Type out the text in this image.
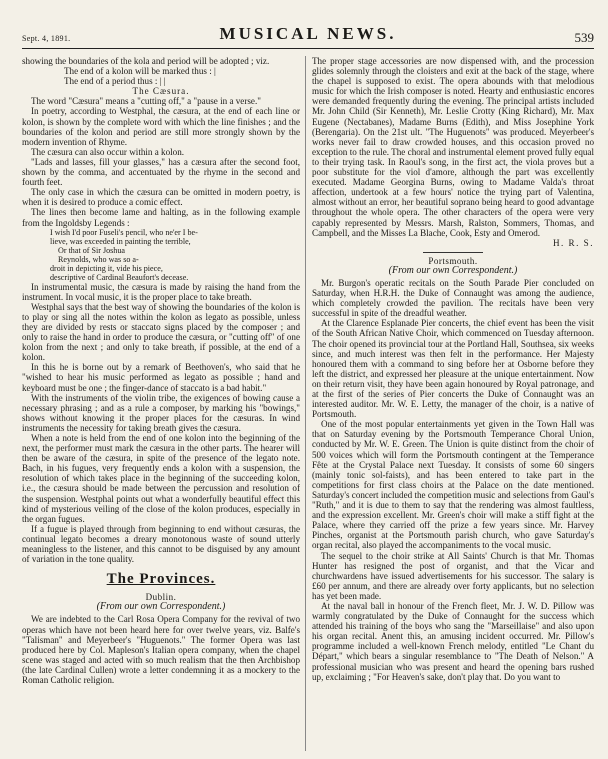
Sept. 4, 1891.	MUSICAL NEWS.	539

showing the boundaries of the kola and period will be adopted ; viz.

The end of a kolon will be marked thus : |

The end of a period thus : | |

The Cæsura.

The word "Cæsura" means a "cutting off," a "pause in a verse."

In poetry, according to Westphal, the cæsura, at the end of each line or kolon, is shown by the complete word with which the line finishes ; and the boundaries of the kolon and period are still more strongly shown by the modern invention of Rhyme.

The cæsura can also occur within a kolon.

"Lads and lasses, fill your glasses," has a cæsura after the second foot, shown by the comma, and accentuated by the rhyme in the second and fourth feet.

The only case in which the cæsura can be omitted in modern poetry, is when it is desired to produce a comic effect.

The lines then become lame and halting, as in the following example from the Ingoldsby Legends :

I wish I'd poor Fuseli's pencil, who ne'er I be-
lieve, was exceeded in painting the terrible,
Or that of Sir Joshua
Reynolds, who was so a-
droit in depicting it, vide his piece,
descriptive of Cardinal Beaufort's decease.

In instrumental music, the cæsura is made by raising the hand from the instrument. In vocal music, it is the proper place to take breath.

Westphal says that the best way of showing the boundaries of the kolon is to play or sing all the notes within the kolon as legato as possible, unless they are divided by rests or staccato signs placed by the composer ; and only to raise the hand in order to produce the cæsura, or "cutting off" of one kolon from the next ; and only to take breath, if possible, at the end of a kolon.

In this he is borne out by a remark of Beethoven's, who said that he "wished to hear his music performed as legato as possible ; hand and keyboard must be one ; the finger-dance of staccato is a bad habit."

With the instruments of the violin tribe, the exigences of bowing cause a necessary phrasing ; and as a rule a composer, by marking his "bowings," shows without knowing it the proper places for the cæsuras. In wind instruments the necessity for taking breath gives the cæsura.

When a note is held from the end of one kolon into the beginning of the next, the performer must mark the cæsura in the other parts. The hearer will then be aware of the cæsura, in spite of the presence of the legato note. Bach, in his fugues, very frequently ends a kolon with a suspension, the resolution of which takes place in the beginning of the succeeding kolon, i.e., the cæsura should be made between the percussion and resolution of the suspension. Westphal points out what a wonderfully beautiful effect this kind of mysterious veiling of the close of the kolon produces, especially in the organ fugues.

If a fugue is played through from beginning to end without cæsuras, the continual legato becomes a dreary monotonous waste of sound utterly meaningless to the listener, and this cannot to be disguised by any amount of variation in the tone quality.

The Provinces.
Dublin.
(From our own Correspondent.)

We are indebted to the Carl Rosa Opera Company for the revival of two operas which have not been heard here for over twelve years, viz. Balfe's "Talisman" and Meyerbeer's "Huguenots." The former Opera was last produced here by Col. Mapleson's Italian opera company, when the chapel scene was staged and acted with so much realism that the then Archbishop (the late Cardinal Cullen) wrote a letter condemning it as a mockery to the Roman Catholic religion.

The proper stage accessories are now dispensed with, and the procession glides solemnly through the cloisters and exit at the back of the stage, where the chapel is supposed to exist. The opera abounds with that melodious music for which the Irish composer is noted. Hearty and enthusiastic encores were demanded frequently during the evening. The principal artists included Mr. John Child (Sir Kenneth), Mr. Leslie Crotty (King Richard), Mr. Max Eugene (Nectabanes), Madame Burns (Edith), and Miss Josephine York (Berengaria). On the 21st ult. "The Huguenots" was produced. Meyerbeer's works never fail to draw crowded houses, and this occasion proved no exception to the rule. The choral and instrumental element proved fully equal to their trying task. In Raoul's song, in the first act, the viola proves but a poor substitute for the viol d'amore, although the part was excellently executed. Madame Georgina Burns, owing to Madame Valda's throat affection, undertook at a few hours' notice the trying part of Valentina, almost without an error, her beautiful soprano being heard to good advantage throughout the whole opera. The other characters of the opera were very capably represented by Messrs. Marsh, Ralston, Sommers, Thomas, and Campbell, and the Misses La Blache, Cook, Esty and Omerod.

H. R. S.

Portsmouth.
(From our own Correspondent.)

Mr. Burgon's operatic recitals on the South Parade Pier concluded on Saturday, when H.R.H. the Duke of Connaught was among the audience, which completely crowded the pavilion. The recitals have been very successful in spite of the dreadful weather.

At the Clarence Esplanade Pier concerts, the chief event has been the visit of the South African Native Choir, which commenced on Tuesday afternoon. The choir opened its provincial tour at the Portland Hall, Southsea, six weeks since, and much interest was then felt in the performance. Her Majesty honoured them with a command to sing before her at Osborne before they left the district, and expressed her pleasure at the unique entertainment. Now on their return visit, they have been again honoured by Royal patronage, and at the first of the series of Pier concerts the Duke of Connaught was an interested auditor. Mr. W. E. Letty, the manager of the choir, is a native of Portsmouth.

One of the most popular entertainments yet given in the Town Hall was that on Saturday evening by the Portsmouth Temperance Choral Union, conducted by Mr. W. E. Green. The Union is quite distinct from the choir of 500 voices which will form the Portsmouth contingent at the Temperance Fête at the Crystal Palace next Tuesday. It consists of some 60 singers (mainly tonic sol-faists), and has been entered to take part in the competitions for first class choirs at the Palace on the date mentioned. Saturday's concert included the competition music and selections from Gaul's "Ruth," and it is due to them to say that the rendering was almost faultless, and the expression excellent. Mr. Green's choir will make a stiff fight at the Palace, where they carried off the prize a few years since. Mr. Harvey Pinches, organist at the Portsmouth parish church, who gave Saturday's organ recital, also played the accompaniments to the vocal music.

The sequel to the choir strike at All Saints' Church is that Mr. Thomas Hunter has resigned the post of organist, and that the Vicar and churchwardens have issued advertisements for his successor. The salary is £60 per annum, and there are already over forty applicants, but no selection has yet been made.

At the naval ball in honour of the French fleet, Mr. J. W. D. Pillow was warmly congratulated by the Duke of Connaught for the success which attended his training of the boys who sang the "Marseillaise" and also upon his organ recital. Anent this, an amusing incident occurred. Mr. Pillow's programme included a well-known French melody, entitled "Le Chant du Départ," which bears a singular resemblance to "The Death of Nelson." A professional musician who was present and heard the opening bars rushed up, exclaiming ; "For Heaven's sake, don't play that. Do you want to
